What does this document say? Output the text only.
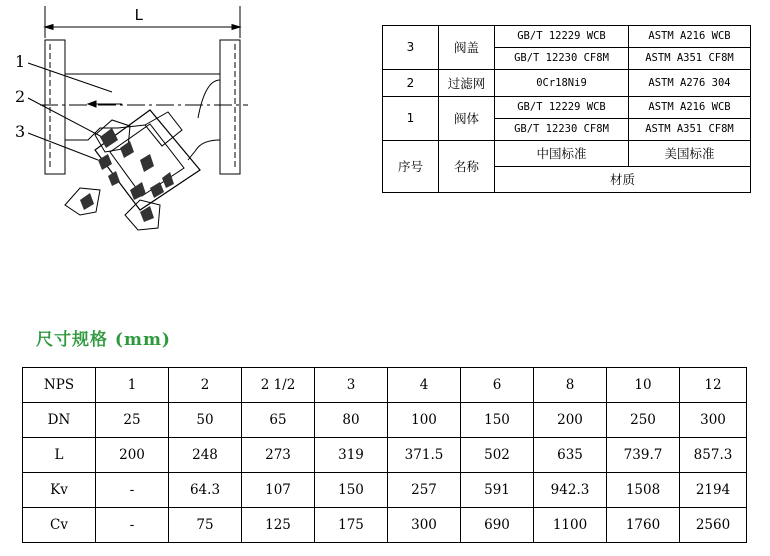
L
1
2
3
3	阀盖	GB/T 12229 WCB	ASTM A216 WCB
		GB/T 12230 CF8M	ASTM A351 CF8M
2	过滤网	0Cr18Ni9	ASTM A276 304
1	阀体	GB/T 12229 WCB	ASTM A216 WCB
		GB/T 12230 CF8M	ASTM A351 CF8M
序号	名称	中国标准	美国标准
		材质	
尺寸规格 (mm)
NPS	1	2	2 1/2	3	4	6	8	10	12
DN	25	50	65	80	100	150	200	250	300
L	200	248	273	319	371.5	502	635	739.7	857.3
Kv	-	64.3	107	150	257	591	942.3	1508	2194
Cv	-	75	125	175	300	690	1100	1760	2560
